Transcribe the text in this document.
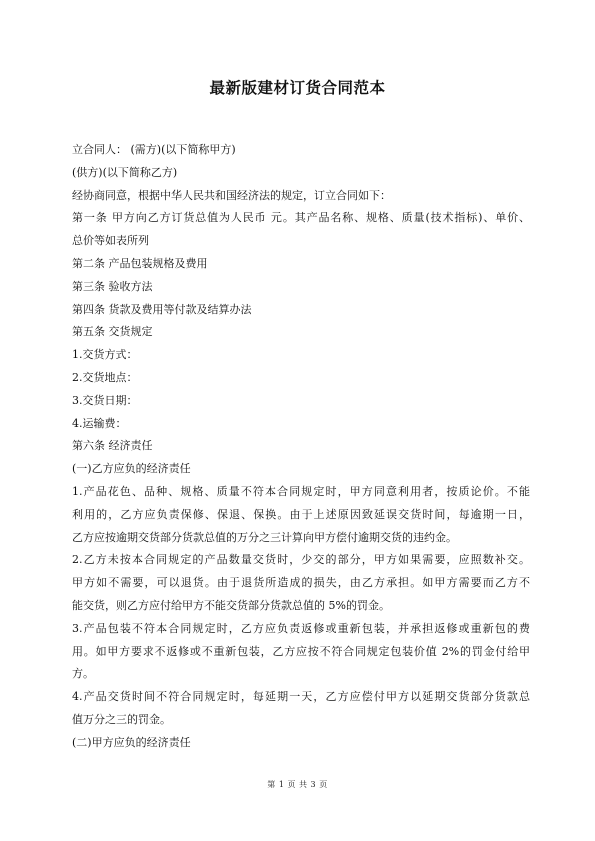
最新版建材订货合同范本

立合同人： (需方)(以下简称甲方)

(供方)(以下简称乙方)

经协商同意，根据中华人民共和国经济法的规定，订立合同如下：

第一条 甲方向乙方订货总值为人民币 元。其产品名称、规格、质量(技术指标)、单价、

总价等如表所列

第二条 产品包装规格及费用

第三条 验收方法

第四条 货款及费用等付款及结算办法

第五条 交货规定

1.交货方式：

2.交货地点：

3.交货日期：

4.运输费：

第六条 经济责任

(一)乙方应负的经济责任

1.产品花色、品种、规格、质量不符本合同规定时，甲方同意利用者，按质论价。不能

利用的，乙方应负责保修、保退、保换。由于上述原因致延误交货时间，每逾期一日，

乙方应按逾期交货部分货款总值的万分之三计算向甲方偿付逾期交货的违约金。

2.乙方未按本合同规定的产品数量交货时，少交的部分，甲方如果需要，应照数补交。

甲方如不需要，可以退货。由于退货所造成的损失，由乙方承担。如甲方需要而乙方不

能交货，则乙方应付给甲方不能交货部分货款总值的 5%的罚金。

3.产品包装不符本合同规定时，乙方应负责返修或重新包装，并承担返修或重新包的费

用。如甲方要求不返修或不重新包装，乙方应按不符合同规定包装价值 2%的罚金付给甲

方。

4.产品交货时间不符合同规定时，每延期一天，乙方应偿付甲方以延期交货部分货款总

值万分之三的罚金。

(二)甲方应负的经济责任

第 1 页 共 3 页
